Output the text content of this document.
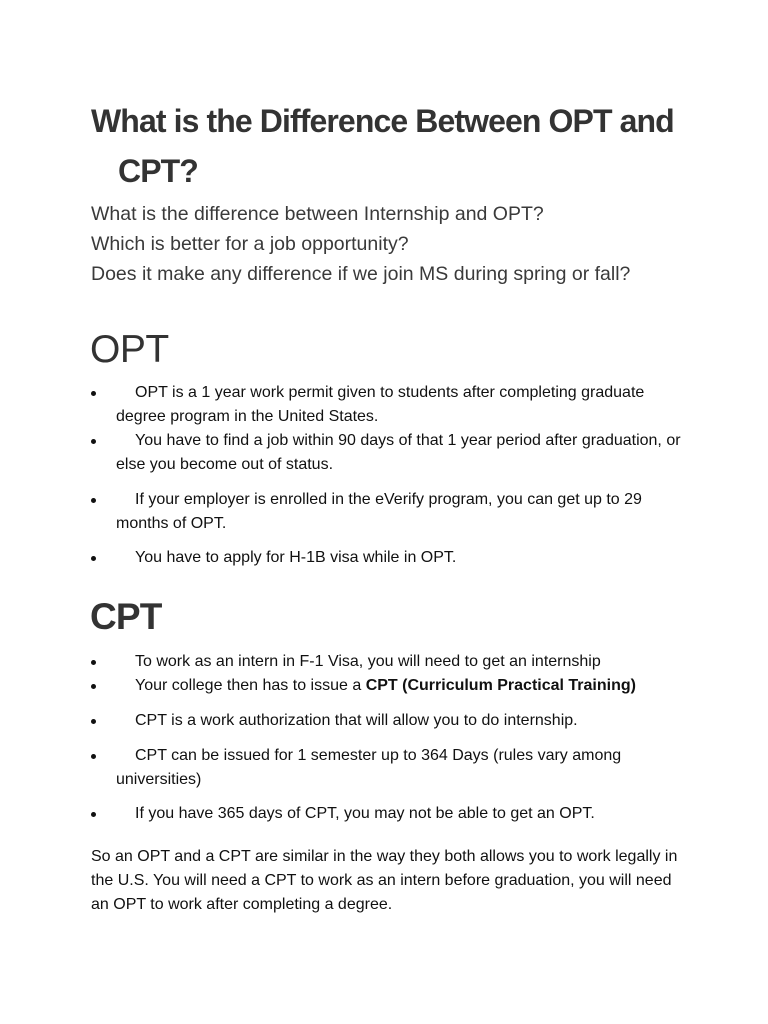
What is the Difference Between OPT and
CPT?
What is the difference between Internship and OPT?
Which is better for a job opportunity?
Does it make any difference if we join MS during spring or fall?
OPT
OPT is a 1 year work permit given to students after completing graduate degree program in the United States.
You have to find a job within 90 days of that 1 year period after graduation, or else you become out of status.
If your employer is enrolled in the eVerify program, you can get up to 29 months of OPT.
You have to apply for H-1B visa while in OPT.
CPT
To work as an intern in F-1 Visa, you will need to get an internship
Your college then has to issue a CPT (Curriculum Practical Training)
CPT is a work authorization that will allow you to do internship.
CPT can be issued for 1 semester up to 364 Days (rules vary among universities)
If you have 365 days of CPT, you may not be able to get an OPT.

So an OPT and a CPT are similar in the way they both allows you to work legally in the U.S. You will need a CPT to work as an intern before graduation, you will need an OPT to work after completing a degree.
